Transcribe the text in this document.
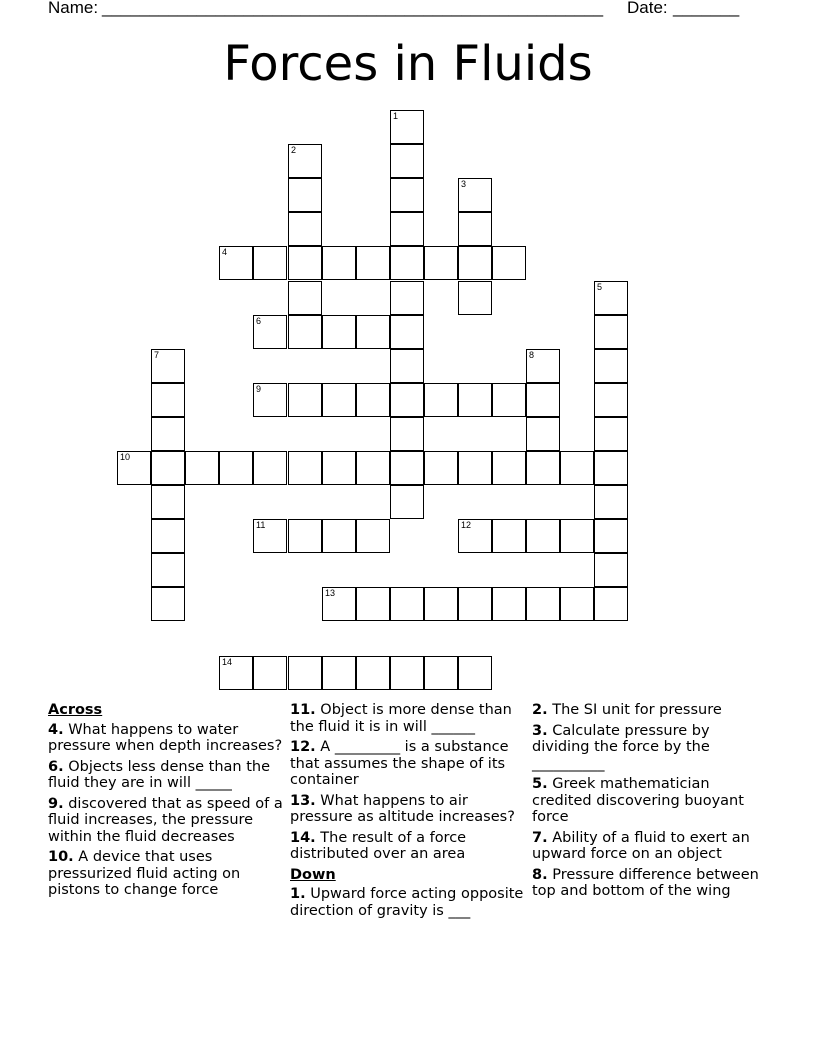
Name: _____________________________________________________ Date: _______
Forces in Fluids
1
2
3
4
5
6
7	8
9
10
11	12
13
14
Across
4. What happens to water pressure when depth increases?
6. Objects less dense than the fluid they are in will _____
9. discovered that as speed of a fluid increases, the pressure within the fluid decreases
10. A device that uses pressurized fluid acting on pistons to change force
11. Object is more dense than the fluid it is in will ______
12. A _________ is a substance that assumes the shape of its container
13. What happens to air pressure as altitude increases?
14. The result of a force distributed over an area
Down
1. Upward force acting opposite direction of gravity is ___
2. The SI unit for pressure
3. Calculate pressure by dividing the force by the __________
5. Greek mathematician credited discovering buoyant force
7. Ability of a fluid to exert an upward force on an object
8. Pressure difference between top and bottom of the wing
